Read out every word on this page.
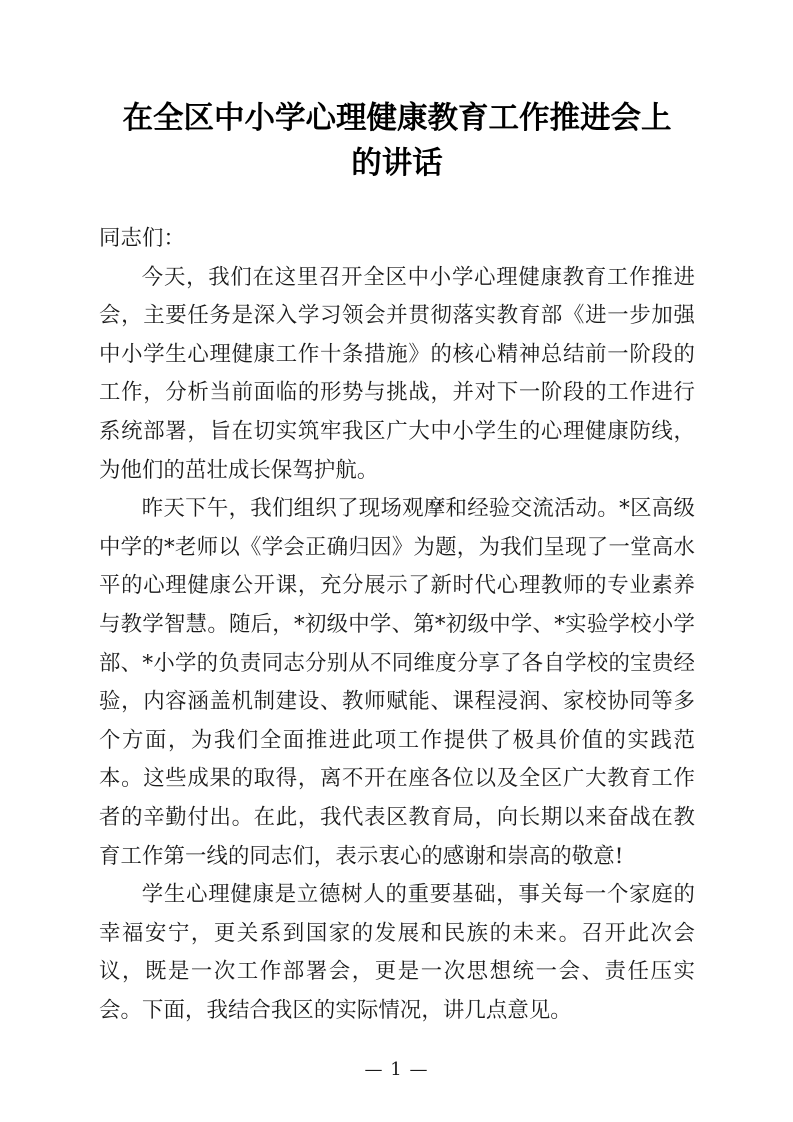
在全区中小学心理健康教育工作推进会上的讲话

同志们：

今天，我们在这里召开全区中小学心理健康教育工作推进会，主要任务是深入学习领会并贯彻落实教育部《进一步加强中小学生心理健康工作十条措施》的核心精神总结前一阶段的工作，分析当前面临的形势与挑战，并对下一阶段的工作进行系统部署，旨在切实筑牢我区广大中小学生的心理健康防线，为他们的茁壮成长保驾护航。

昨天下午，我们组织了现场观摩和经验交流活动。*区高级中学的*老师以《学会正确归因》为题，为我们呈现了一堂高水平的心理健康公开课，充分展示了新时代心理教师的专业素养与教学智慧。随后，*初级中学、第*初级中学、*实验学校小学部、*小学的负责同志分别从不同维度分享了各自学校的宝贵经验，内容涵盖机制建设、教师赋能、课程浸润、家校协同等多个方面，为我们全面推进此项工作提供了极具价值的实践范本。这些成果的取得，离不开在座各位以及全区广大教育工作者的辛勤付出。在此，我代表区教育局，向长期以来奋战在教育工作第一线的同志们，表示衷心的感谢和崇高的敬意!

学生心理健康是立德树人的重要基础，事关每一个家庭的幸福安宁，更关系到国家的发展和民族的未来。召开此次会议，既是一次工作部署会，更是一次思想统一会、责任压实会。下面，我结合我区的实际情况，讲几点意见。

— 1 —
